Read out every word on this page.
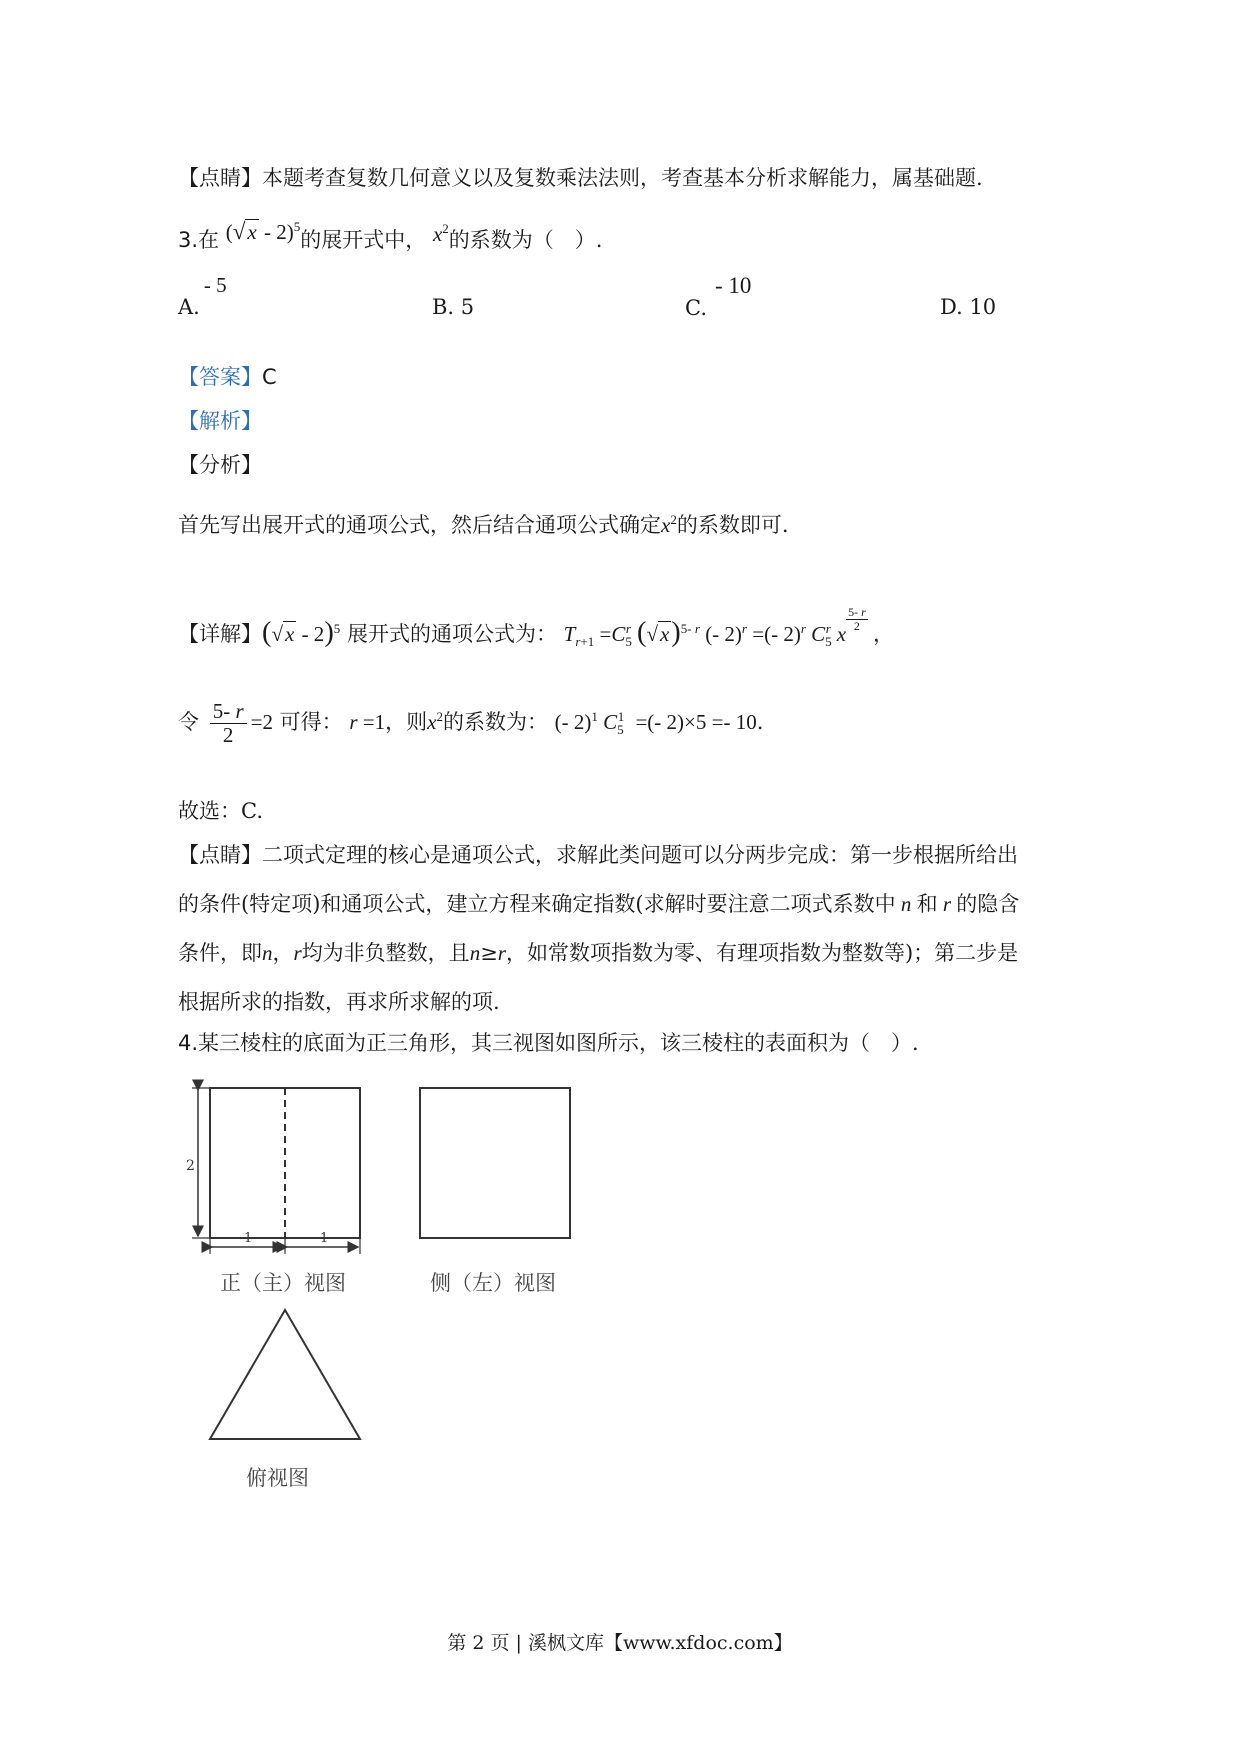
【点睛】本题考查复数几何意义以及复数乘法法则，考查基本分析求解能力，属基础题.
3.在 (√x - 2)$^5$的展开式中， $x^2$的系数为（　）.
A.- 5
B. 5	C.- 10
D. 10
【答案】C
【解析】
【分析】
首先写出展开式的通项公式，然后结合通项公式确定$x^2$的系数即可.
【详解】(√x - 2)$^5$ 展开式的通项公式为： $T_{r+1} =C_5^r$ $(√x)^{5- r}$ (- 2)$^r$ =(- 2)$^r$ $C_5^r$ x
$\frac{5- r}{2}$
，
令 $\frac{5- r}{2} =2$ 可得： r =1，则$x^2$的系数为： (- 2)$^1$ $C_5^1$ =(- 2)×5 =- 10.
故选：C.
【点睛】二项式定理的核心是通项公式，求解此类问题可以分两步完成：第一步根据所给出
的条件(特定项)和通项公式，建立方程来确定指数(求解时要注意二项式系数中 n 和 r 的隐含
条件，即n，r均为非负整数，且n≥r，如常数项指数为零、有理项指数为整数等)；第二步是
根据所求的指数，再求所求解的项.
4.某三棱柱的底面为正三角形，其三视图如图所示，该三棱柱的表面积为（　）.
2
1	1
正（主）视图	侧（左）视图
俯视图
第 2 页 | 溪枫文库【www.xfdoc.com】
